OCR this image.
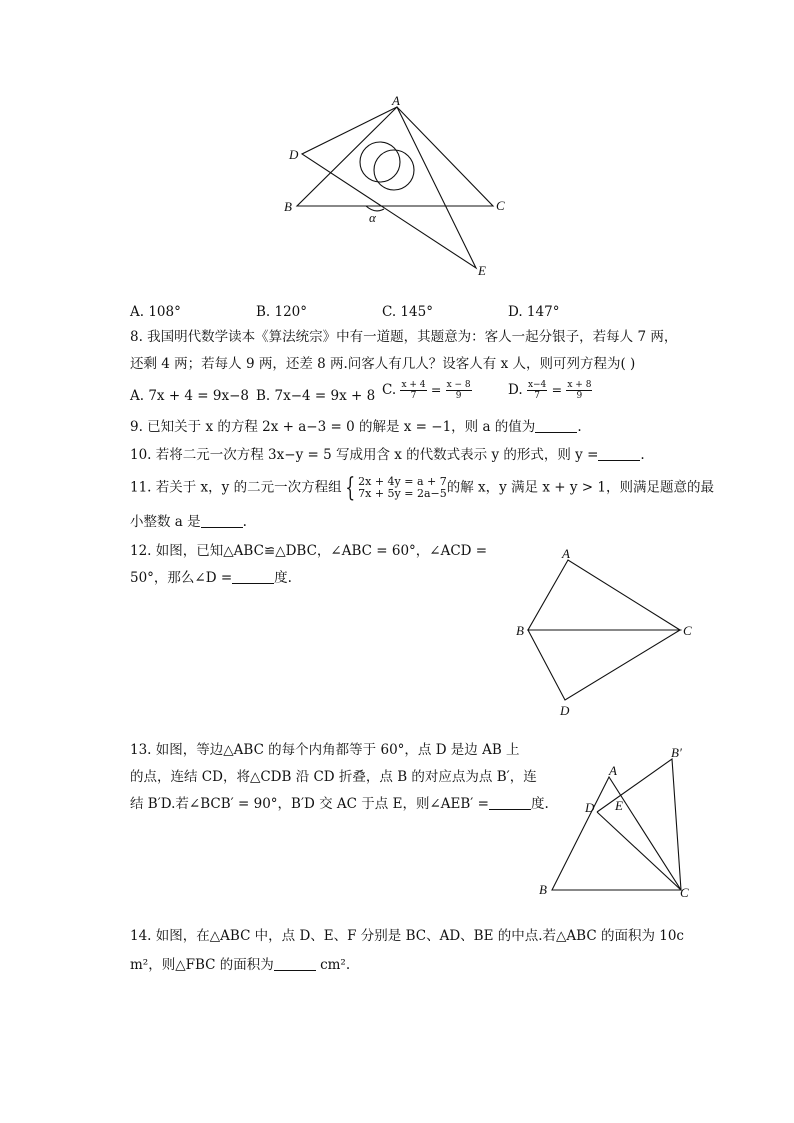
A
D
B	C
E
α
A. 108°	B. 120°	C. 145°	D. 147°
8. 我国明代数学读本《算法统宗》中有一道题，其题意为：客人一起分银子，若每人 7 两，
还剩 4 两；若每人 9 两，还差 8 两.问客人有几人？设客人有 x 人，则可列方程为( )
A. 7x + 4 = 9x−8 B. 7x−4 = 9x + 8 C. $\frac{x + 4}{7} = \frac{x - 8}{9}$	D. $\frac{x-4}{7} = \frac{x + 8}{9}$
9. 已知关于 x 的方程 2x + a−3 = 0 的解是 x = −1，则 a 的值为	.
10. 若将二元一次方程 3x−y = 5 写成用含 x 的代数式表示 y 的形式，则 y =	.
11. 若关于 x，y 的二元一次方程组 { 2x + 4y = a + 7
7x + 5y = 2a−5 的解 x，y 满足 x + y > 1，则满足题意的最
小整数 a 是	.
12. 如图，已知△ABC≌△DBC，∠ABC = 60°，∠ACD =
50°，那么∠D =	度.
A
B	C
D
13. 如图，等边△ABC 的每个内角都等于 60°，点 D 是边 AB 上
的点，连结 CD，将△CDB 沿 CD 折叠，点 B 的对应点为点 B′，连
结 B′D.若∠BCB′ = 90°，B′D 交 AC 于点 E，则∠AEB′ =	度.
A
B′
D E
B	C
14. 如图，在△ABC 中，点 D、E、F 分别是 BC、AD、BE 的中点.若△ABC 的面积为 10c
m²，则△FBC 的面积为	cm².
